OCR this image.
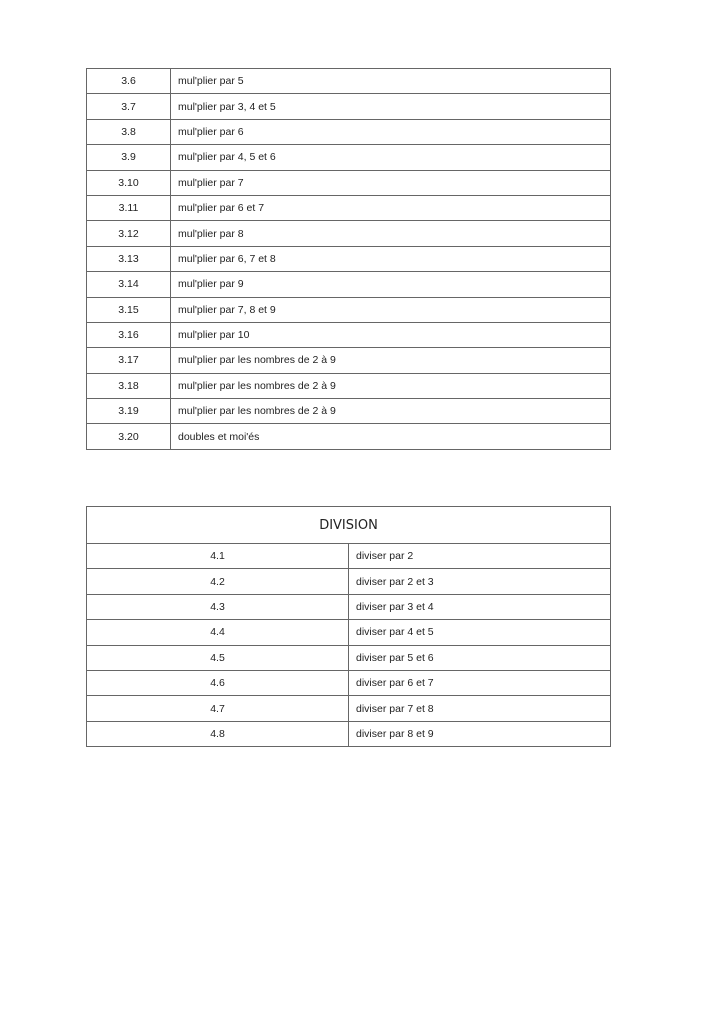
3.6	mul'plier par 5
3.7	mul'plier par 3, 4 et 5
3.8	mul'plier par 6
3.9	mul'plier par 4, 5 et 6
3.10	mul'plier par 7
3.11	mul'plier par 6 et 7
3.12	mul'plier par 8
3.13	mul'plier par 6, 7 et 8
3.14	mul'plier par 9
3.15	mul'plier par 7, 8 et 9
3.16	mul'plier par 10
3.17	mul'plier par les nombres de 2 à 9
3.18	mul'plier par les nombres de 2 à 9
3.19	mul'plier par les nombres de 2 à 9
3.20	doubles et moi'és
DIVISION	
4.1	diviser par 2
4.2	diviser par 2 et 3
4.3	diviser par 3 et 4
4.4	diviser par 4 et 5
4.5	diviser par 5 et 6
4.6	diviser par 6 et 7
4.7	diviser par 7 et 8
4.8	diviser par 8 et 9
